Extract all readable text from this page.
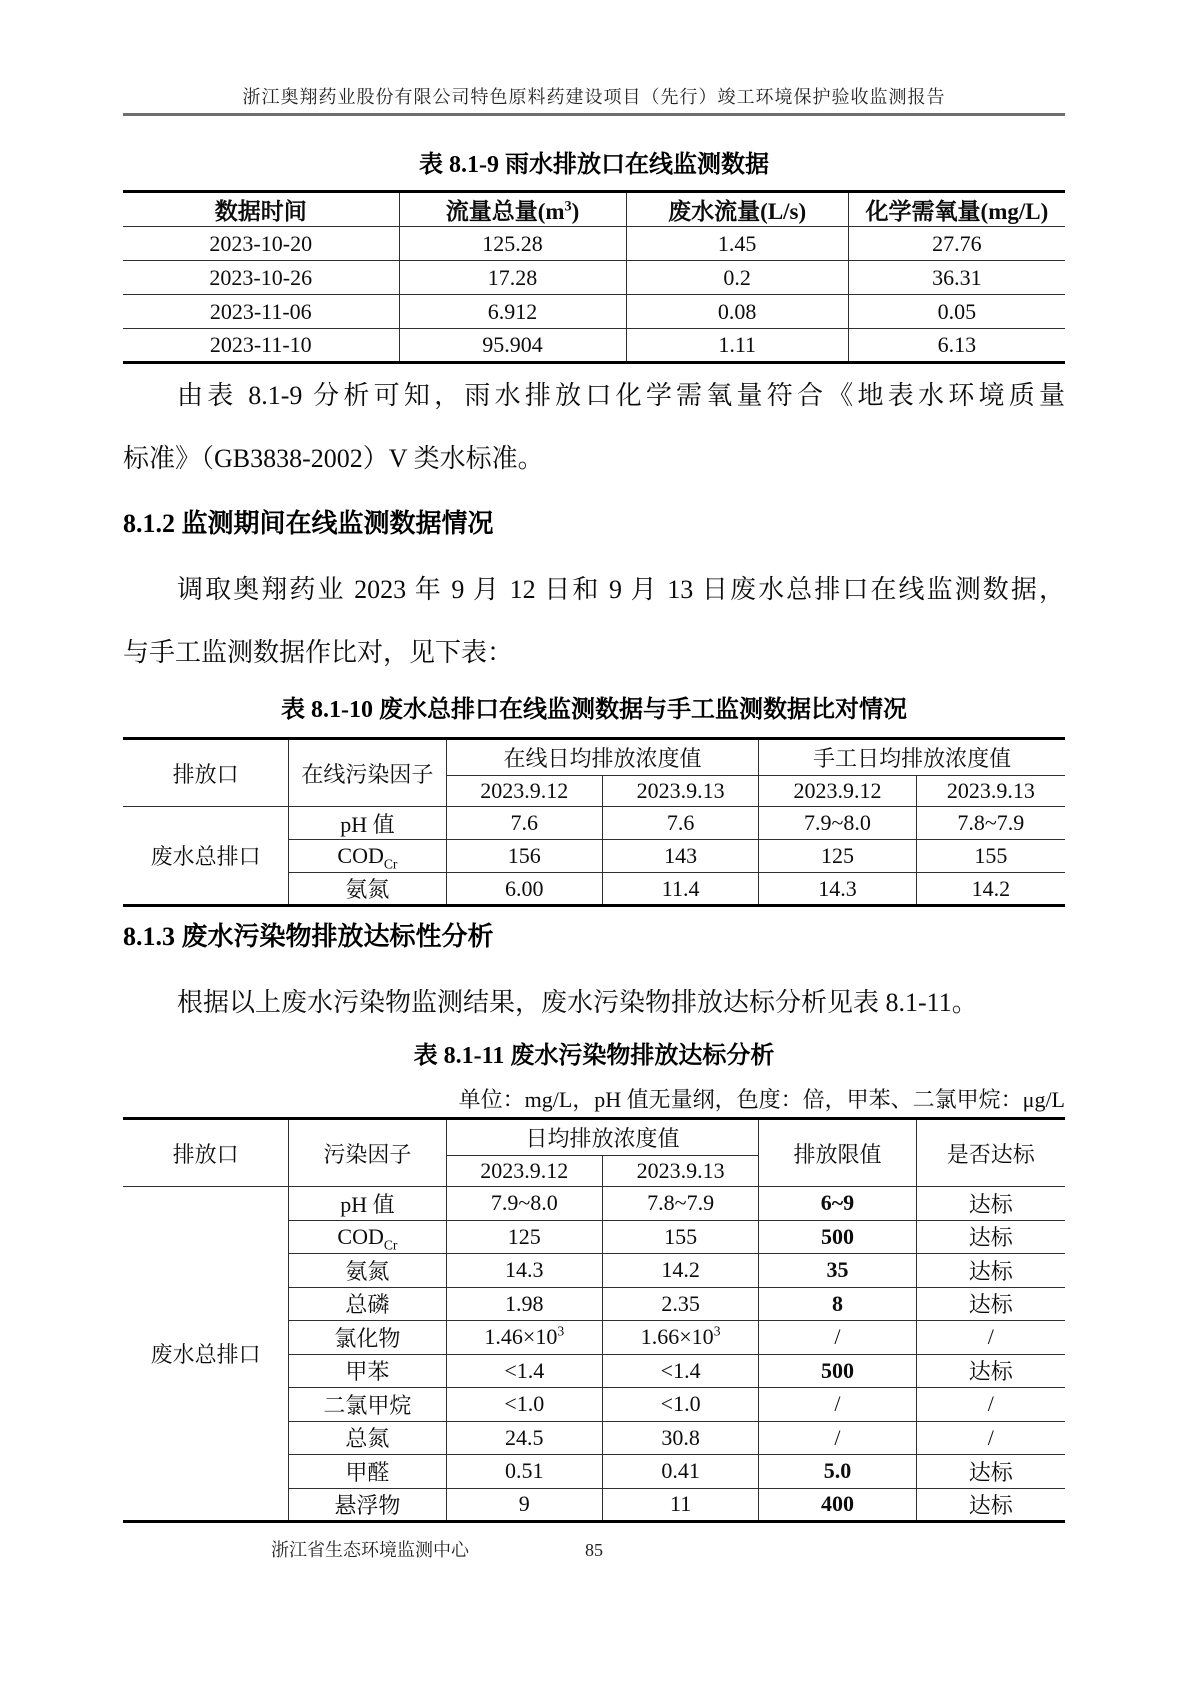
浙江奥翔药业股份有限公司特色原料药建设项目（先行）竣工环境保护验收监测报告
表 8.1-9 雨水排放口在线监测数据
数据时间	流量总量$(m^3)$	废水流量(L/s)	化学需氧量(mg/L)
2023-10-20	125.28	1.45	27.76
2023-10-26	17.28	0.2	36.31
2023-11-06	6.912	0.08	0.05
2023-11-10	95.904	1.11	6.13
由表 8.1-9 分析可知，雨水排放口化学需氧量符合《地表水环境质量
标准》（GB3838-2002）V 类水标准。
8.1.2 监测期间在线监测数据情况
调取奥翔药业 2023 年 9 月 12 日和 9 月 13 日废水总排口在线监测数据，
与手工监测数据作比对，见下表：
表 8.1-10 废水总排口在线监测数据与手工监测数据比对情况
排放口	在线污染因子	在线日均排放浓度值		手工日均排放浓度值	
		2023.9.12	2023.9.13	2023.9.12	2023.9.13
废水总排口	pH 值	7.6	7.6	7.9~8.0	7.8~7.9
	$COD_{Cr}$	156	143	125	155
	氨氮	6.00	11.4	14.3	14.2
8.1.3 废水污染物排放达标性分析
根据以上废水污染物监测结果，废水污染物排放达标分析见表 8.1-11。
表 8.1-11 废水污染物排放达标分析
单位：mg/L，pH 值无量纲，色度：倍，甲苯、二氯甲烷：μg/L
排放口	污染因子	日均排放浓度值		排放限值	是否达标
		2023.9.12	2023.9.13		
废水总排口	pH 值	7.9~8.0	7.8~7.9	6~9	达标
	$COD_{Cr}$	125	155	500	达标
	氨氮	14.3	14.2	35	达标
	总磷	1.98	2.35	8	达标
	氯化物	$1.46\times 10^3$	$1.66\times 10^3$	/	/
	甲苯	<1.4	<1.4	500	达标
	二氯甲烷	<1.0	<1.0	/	/
	总氮	24.5	30.8	/	/
	甲醛	0.51	0.41	5.0	达标
	悬浮物	9	11	400	达标
浙江省生态环境监测中心	85
